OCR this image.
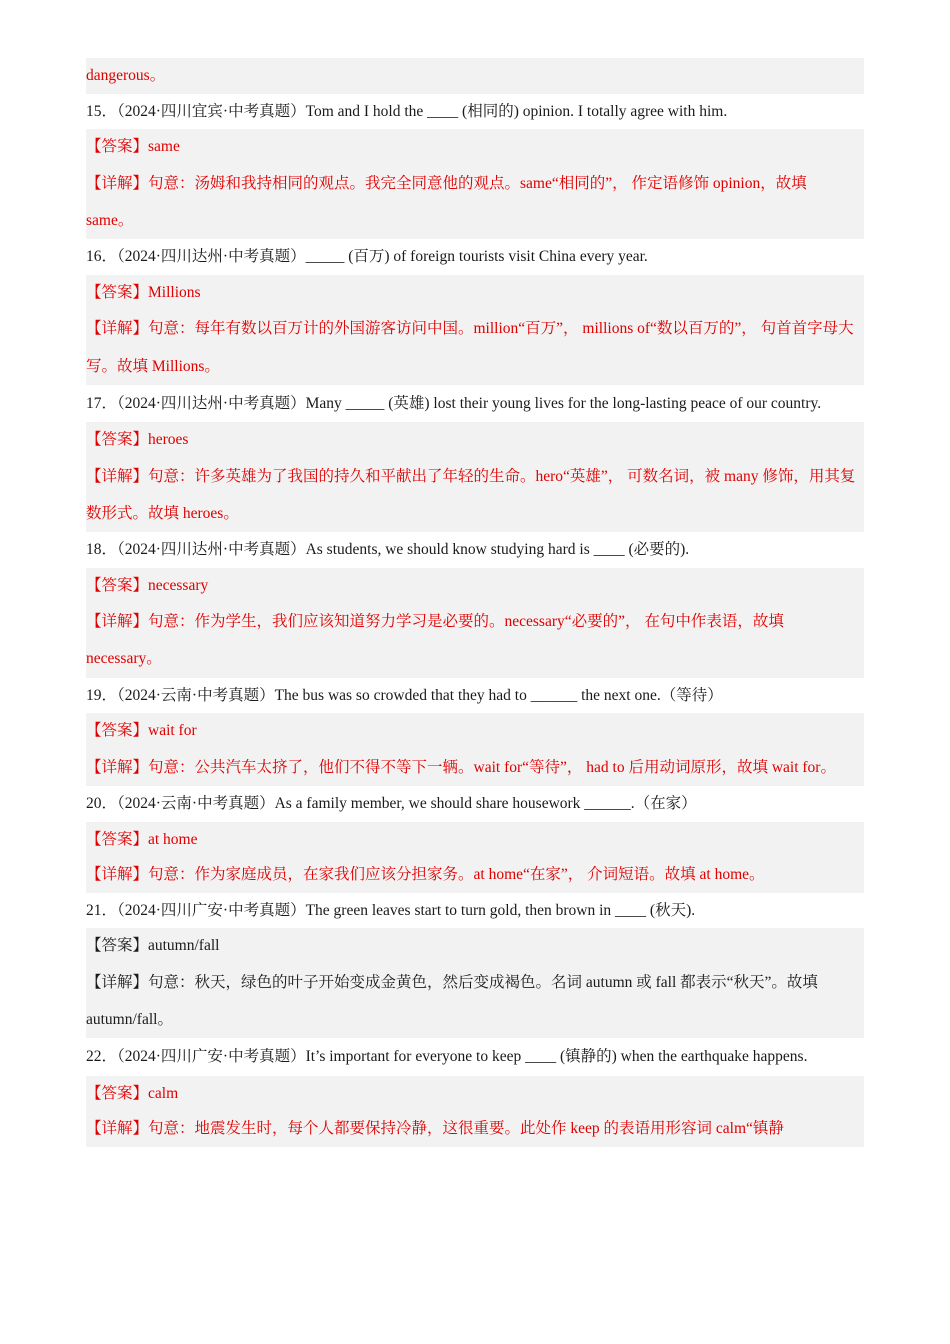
dangerous。
15．（2024·四川宜宾·中考真题）Tom and I hold the ____ (相同的) opinion. I totally agree with him.
【答案】same
【详解】句意：汤姆和我持相同的观点。我完全同意他的观点。same“相同的”， 作定语修饰 opinion，故填 same。
16．（2024·四川达州·中考真题）_____ (百万) of foreign tourists visit China every year.
【答案】Millions
【详解】句意：每年有数以百万计的外国游客访问中国。million“百万”， millions of“数以百万的”， 句首首字母大写。故填 Millions。
17．（2024·四川达州·中考真题）Many _____ (英雄) lost their young lives for the long-lasting peace of our country.
【答案】heroes
【详解】句意：许多英雄为了我国的持久和平献出了年轻的生命。hero“英雄”， 可数名词，被 many 修饰，用其复数形式。故填 heroes。
18．（2024·四川达州·中考真题）As students, we should know studying hard is ____ (必要的).
【答案】necessary
【详解】句意：作为学生，我们应该知道努力学习是必要的。necessary“必要的”， 在句中作表语，故填 necessary。
19．（2024·云南·中考真题）The bus was so crowded that they had to ______ the next one.（等待）
【答案】wait for
【详解】句意：公共汽车太挤了，他们不得不等下一辆。wait for“等待”， had to 后用动词原形，故填 wait for。
20．（2024·云南·中考真题）As a family member, we should share housework ______.（在家）
【答案】at home
【详解】句意：作为家庭成员，在家我们应该分担家务。at home“在家”， 介词短语。故填 at home。
21．（2024·四川广安·中考真题）The green leaves start to turn gold, then brown in ____ (秋天).
【答案】autumn/fall
【详解】句意：秋天，绿色的叶子开始变成金黄色，然后变成褐色。名词 autumn 或 fall 都表示“秋天”。故填 autumn/fall。
22．（2024·四川广安·中考真题）It’s important for everyone to keep ____ (镇静的) when the earthquake happens.
【答案】calm
【详解】句意：地震发生时，每个人都要保持冷静，这很重要。此处作 keep 的表语用形容词 calm“镇静
